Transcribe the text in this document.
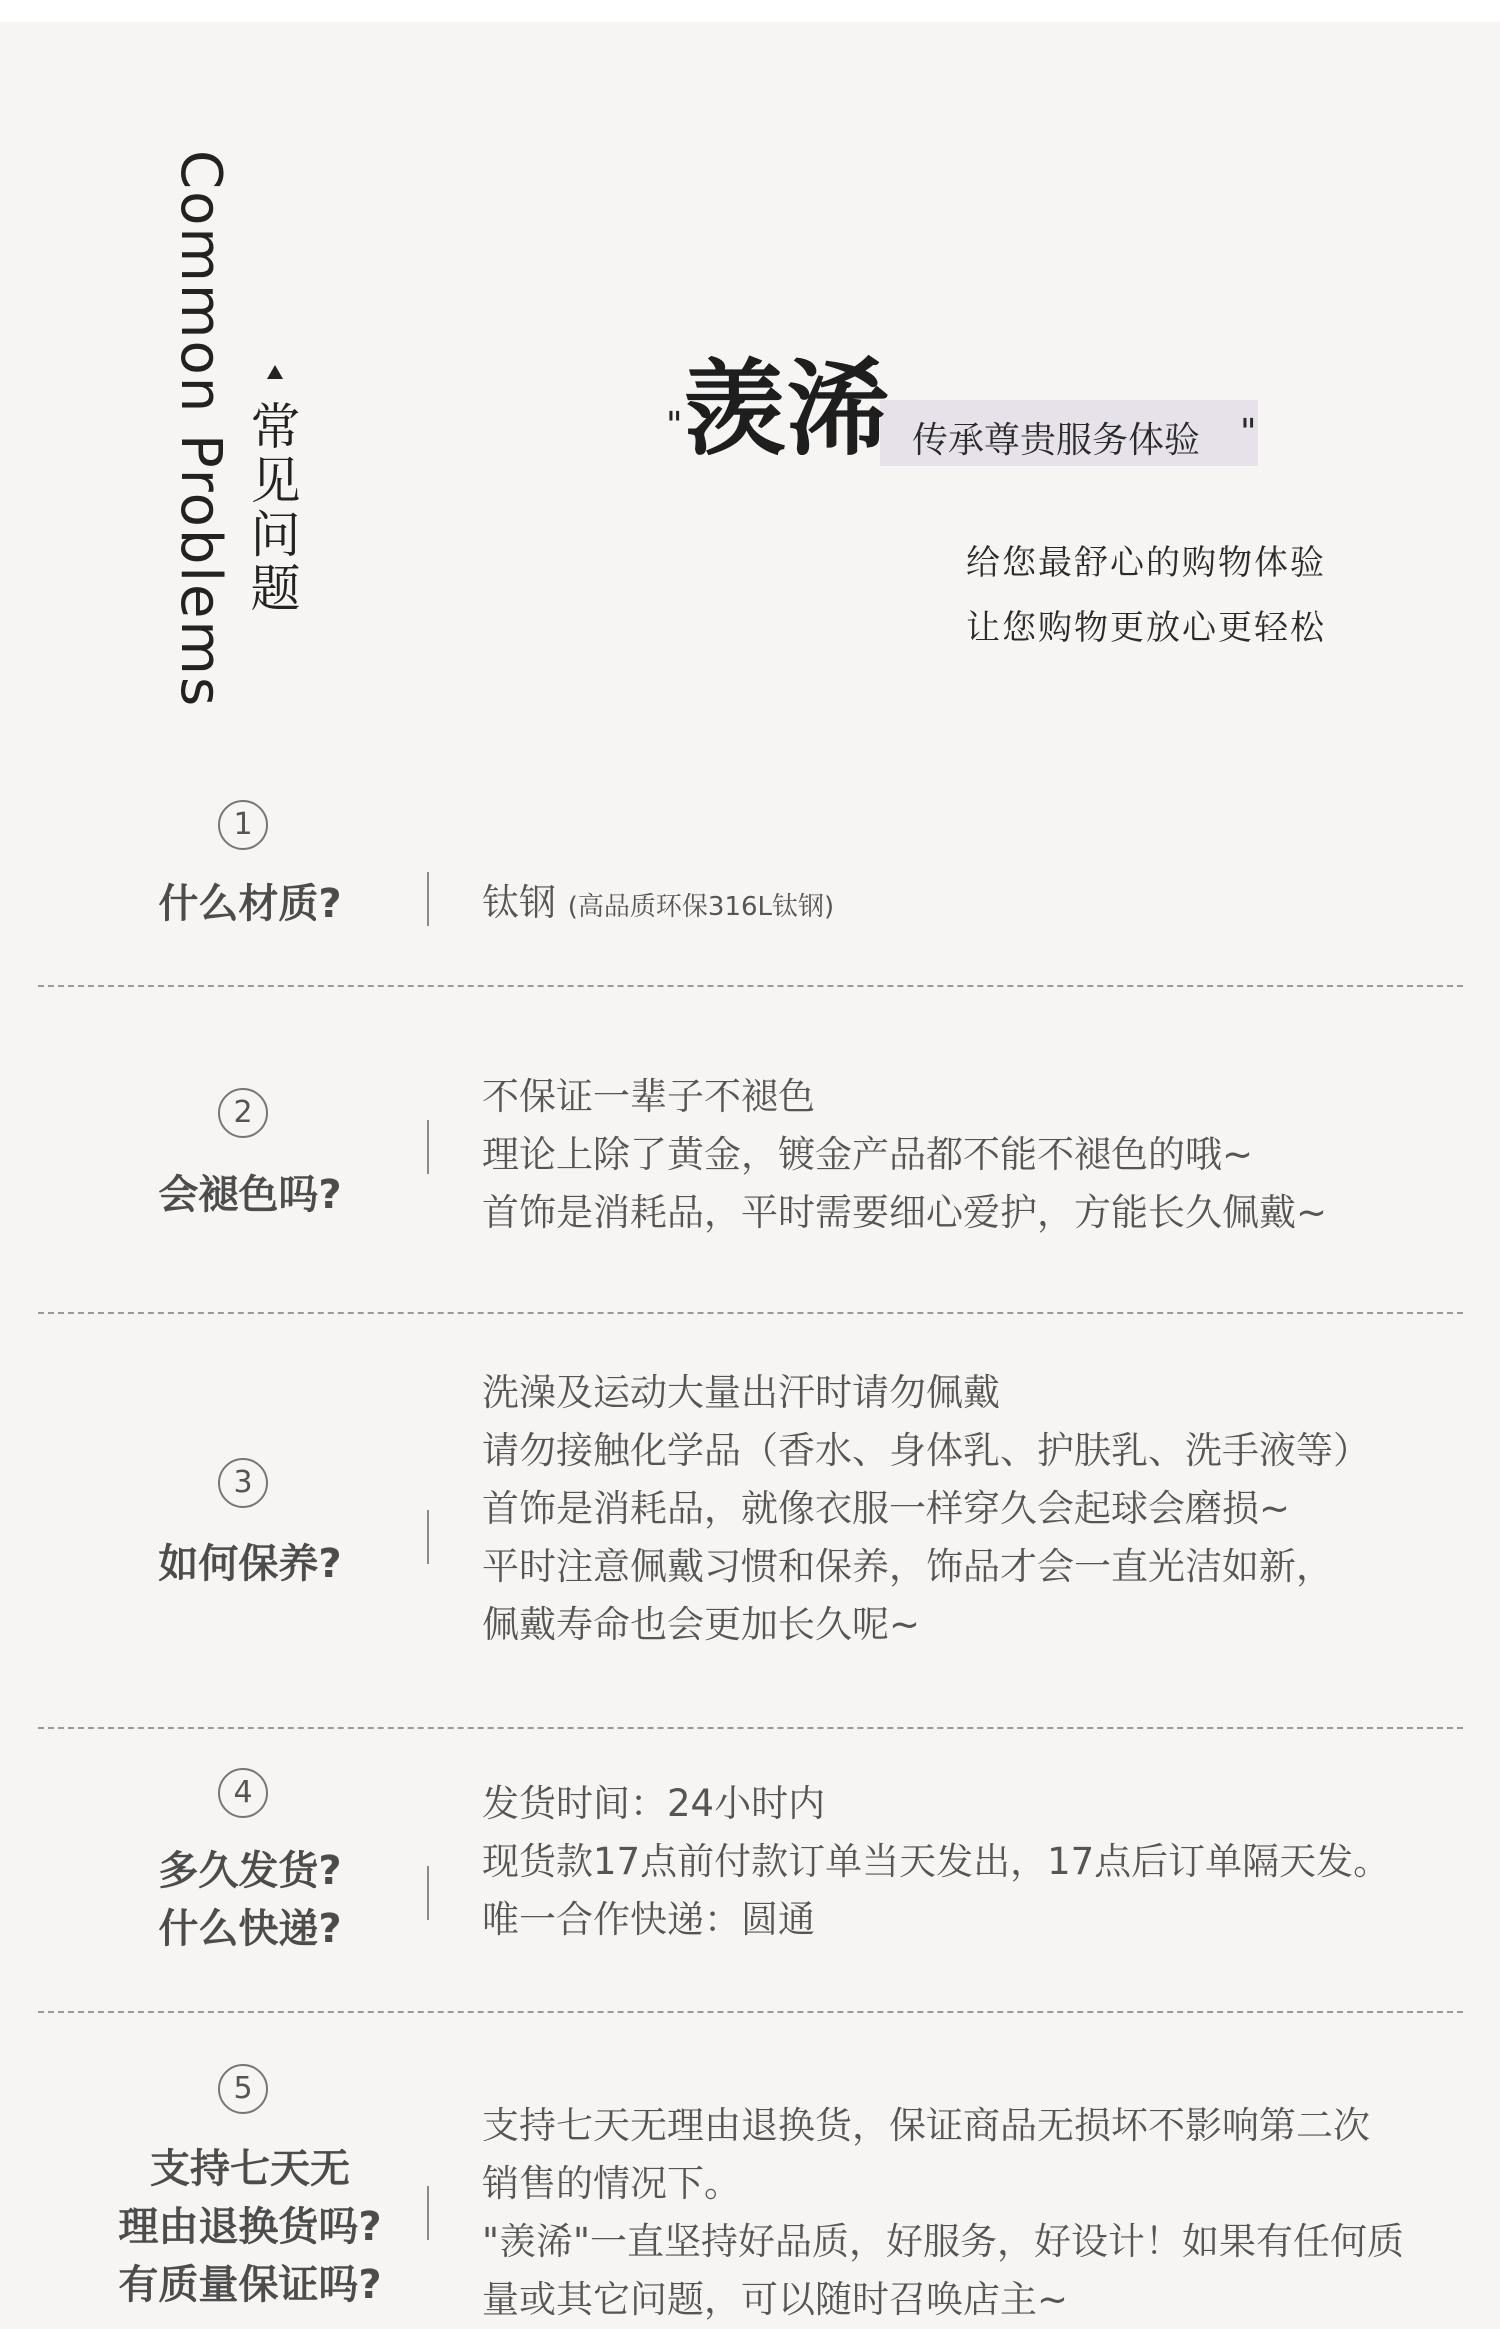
Common Problems 常见问题	" 羡浠 传承尊贵服务体验 "
给您最舒心的购物体验
让您购物更放心更轻松
1
什么材质?	钛钢 (高品质环保316L钛钢)
2
会褪色吗?
不保证一辈子不褪色
理论上除了黄金，镀金产品都不能不褪色的哦~
首饰是消耗品，平时需要细心爱护，方能长久佩戴~
3
如何保养?
洗澡及运动大量出汗时请勿佩戴
请勿接触化学品（香水、身体乳、护肤乳、洗手液等）
首饰是消耗品，就像衣服一样穿久会起球会磨损~
平时注意佩戴习惯和保养，饰品才会一直光洁如新，
佩戴寿命也会更加长久呢~
4
多久发货?
什么快递?
发货时间：24小时内
现货款17点前付款订单当天发出，17点后订单隔天发。
唯一合作快递：圆通
5
支持七天无
理由退换货吗?
有质量保证吗?
支持七天无理由退换货，保证商品无损坏不影响第二次
销售的情况下。
"羡浠"一直坚持好品质，好服务，好设计！如果有任何质
量或其它问题，可以随时召唤店主~
